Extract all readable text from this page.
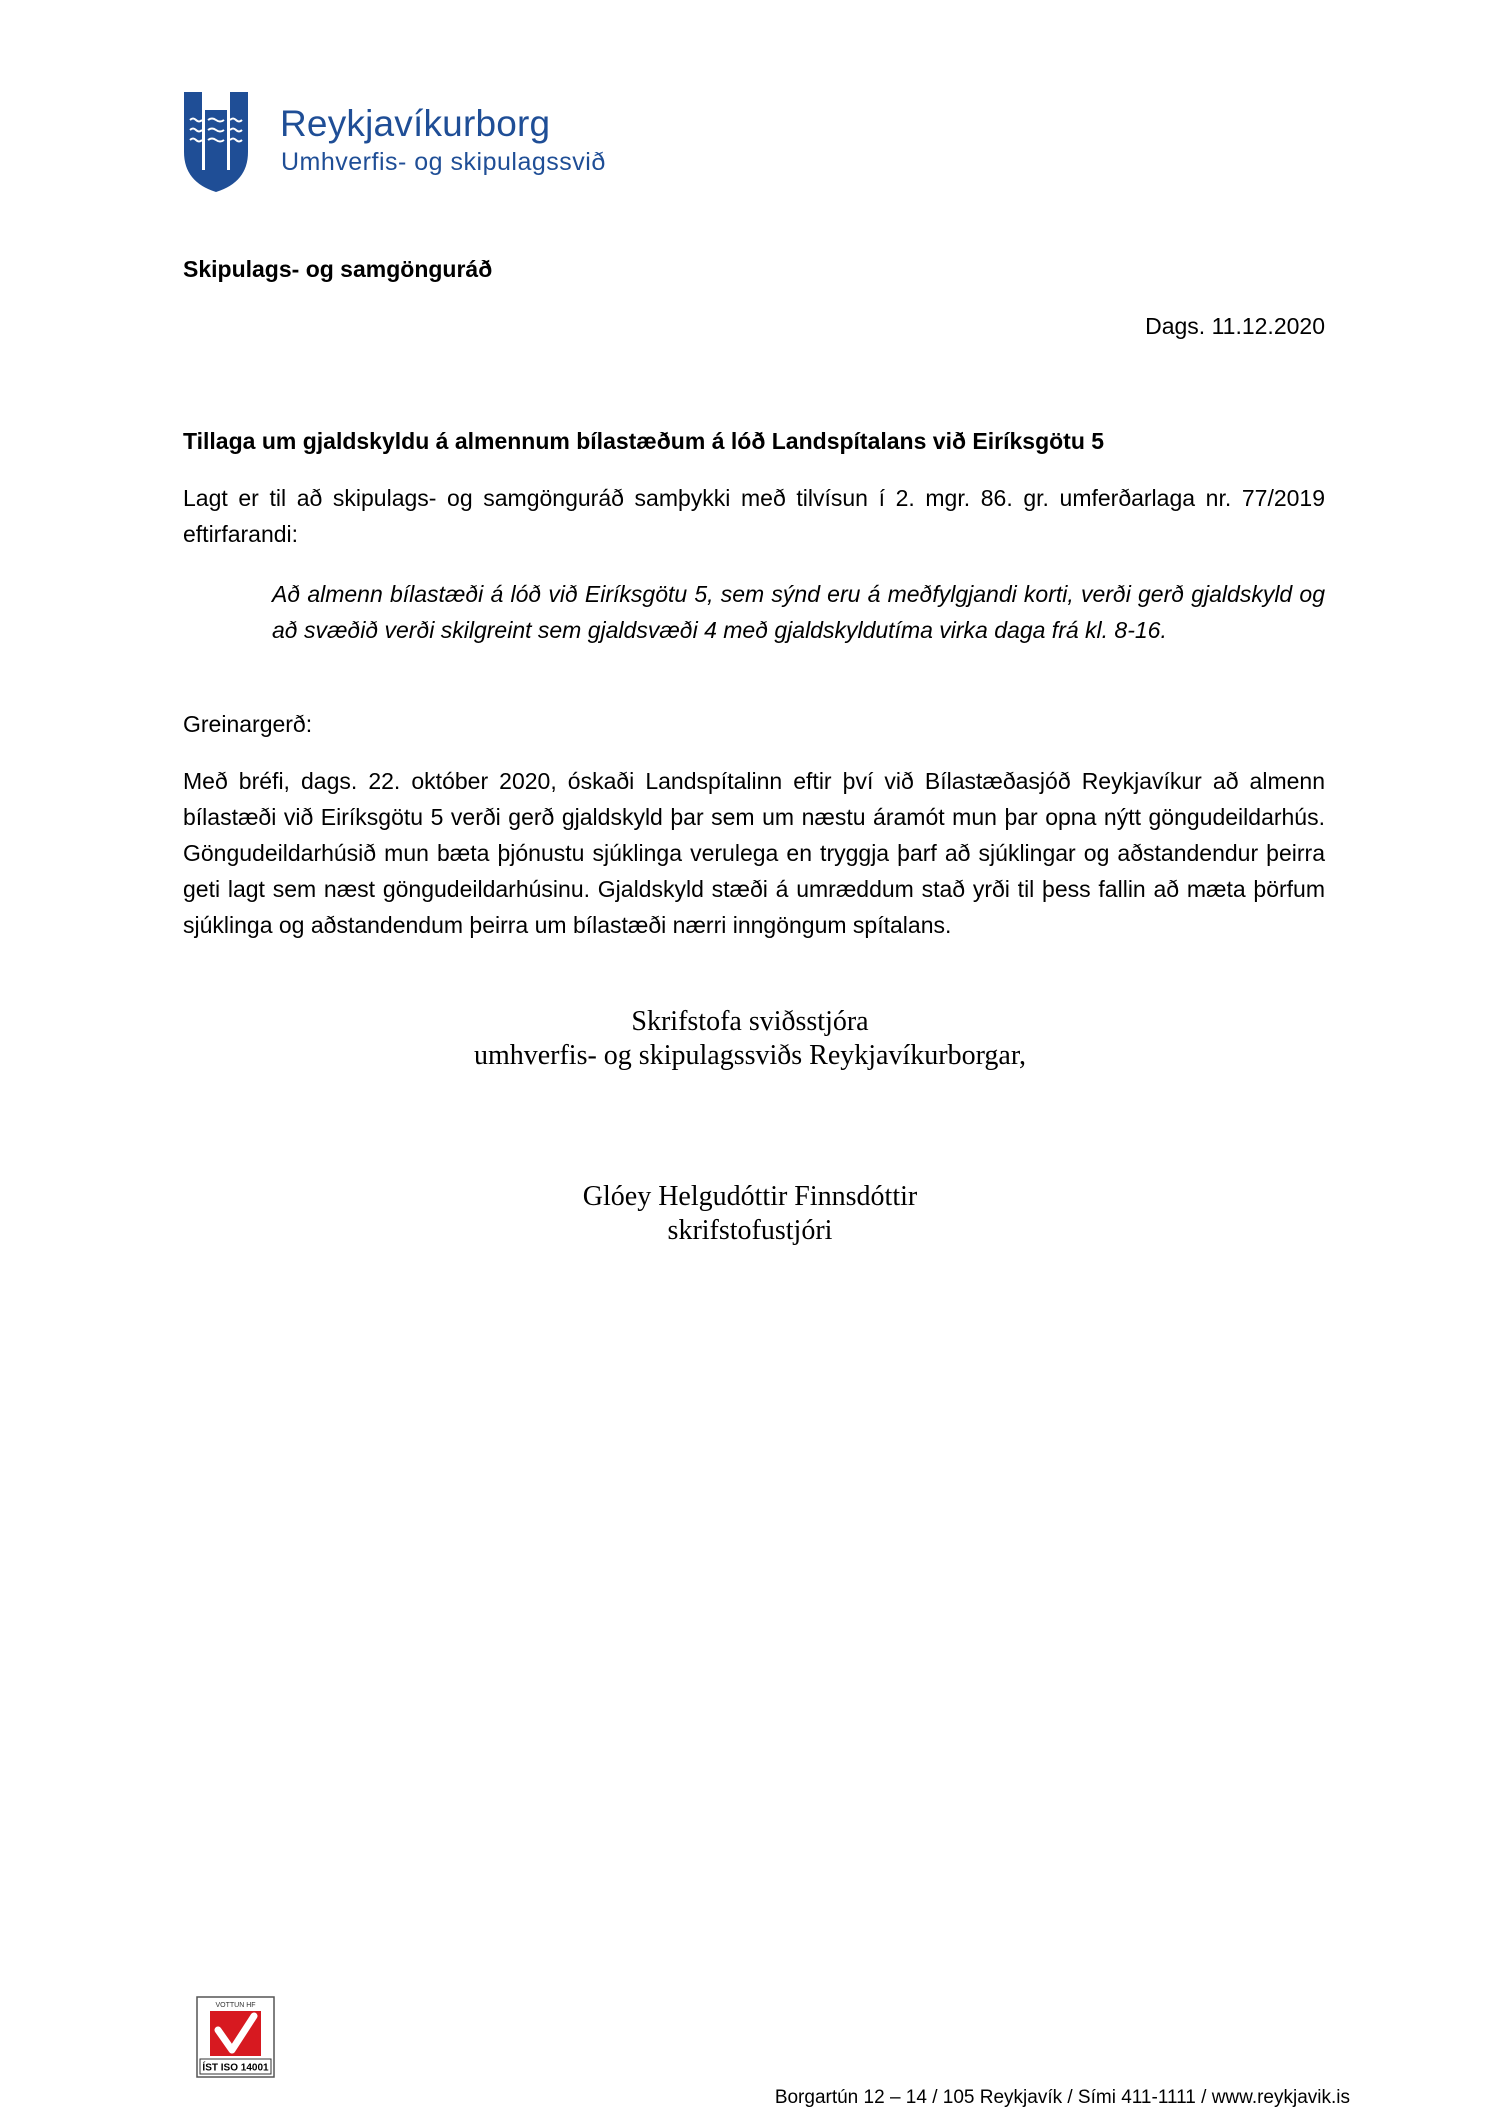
Reykjavíkurborg
Umhverfis- og skipulagssvið
Skipulags- og samgönguráð
Dags. 11.12.2020
Tillaga um gjaldskyldu á almennum bílastæðum á lóð Landspítalans við Eiríksgötu 5
Lagt er til að skipulags- og samgönguráð samþykki með tilvísun í 2. mgr. 86. gr. umferðarlaga nr. 77/2019 eftirfarandi:
Að almenn bílastæði á lóð við Eiríksgötu 5, sem sýnd eru á meðfylgjandi korti, verði gerð gjaldskyld og að svæðið verði skilgreint sem gjaldsvæði 4 með gjaldskyldutíma virka daga frá kl. 8-16.
Greinargerð:
Með bréfi, dags. 22. október 2020, óskaði Landspítalinn eftir því við Bílastæðasjóð Reykjavíkur að almenn bílastæði við Eiríksgötu 5 verði gerð gjaldskyld þar sem um næstu áramót mun þar opna nýtt göngudeildarhús. Göngudeildarhúsið mun bæta þjónustu sjúklinga verulega en tryggja þarf að sjúklingar og aðstandendur þeirra geti lagt sem næst göngudeildarhúsinu. Gjaldskyld stæði á umræddum stað yrði til þess fallin að mæta þörfum sjúklinga og aðstandendum þeirra um bílastæði nærri inngöngum spítalans.
Skrifstofa sviðsstjóra
umhverfis- og skipulagssviðs Reykjavíkurborgar,
Glóey Helgudóttir Finnsdóttir
skrifstofustjóri
VOTTUN HF
ÍST ISO 14001
Borgartún 12 – 14 / 105 Reykjavík / Sími 411-1111 / www.reykjavik.is
